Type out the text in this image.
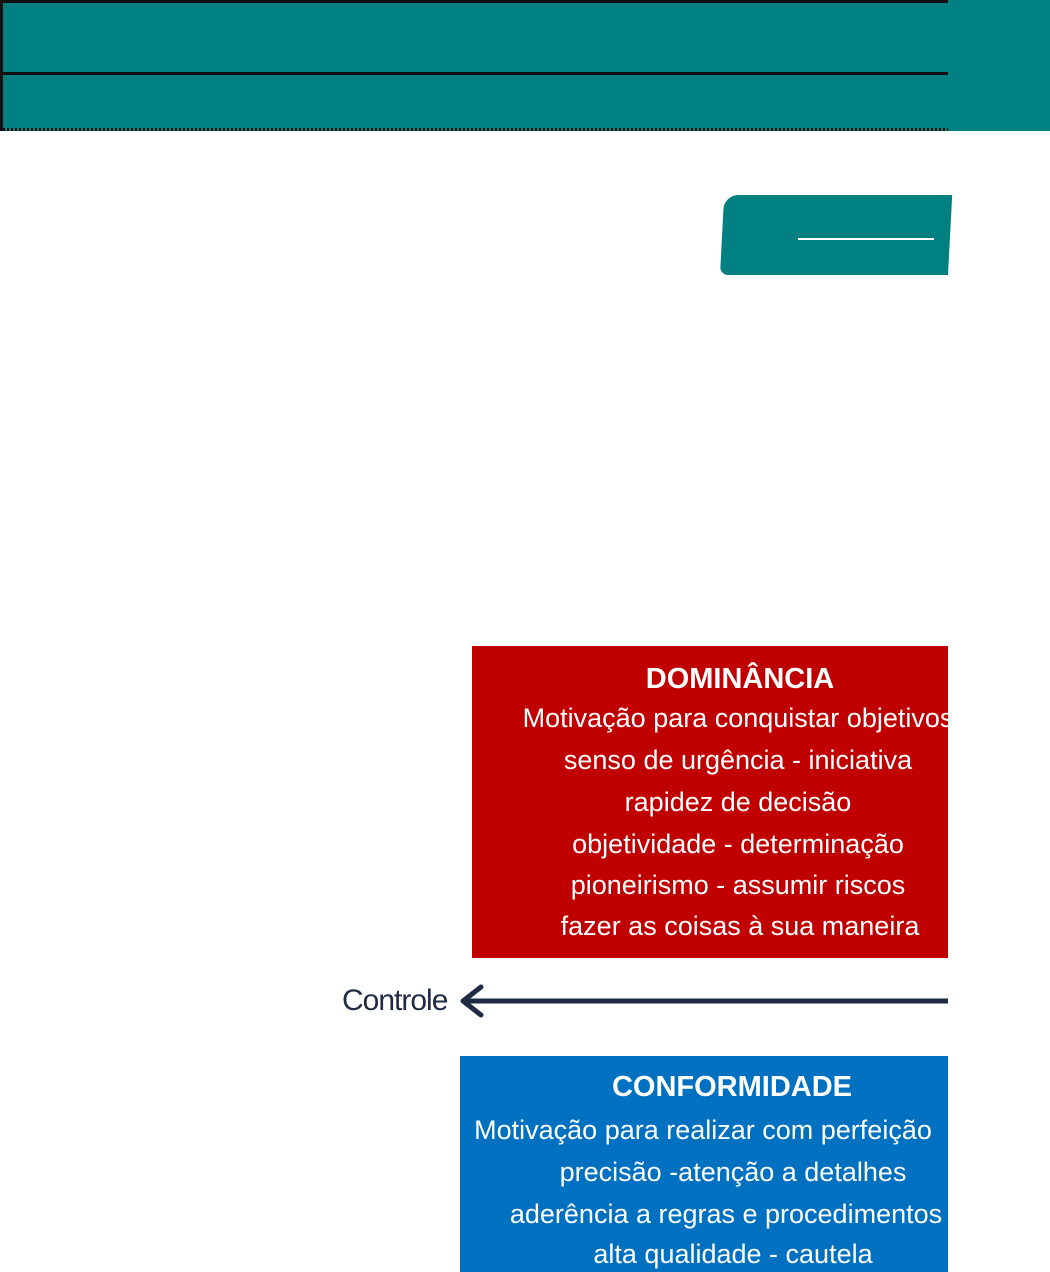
DOMINÂNCIA
Motivação para conquistar objetivos
senso de urgência - iniciativa
rapidez de decisão
objetividade - determinação
pioneirismo - assumir riscos
fazer as coisas à sua maneira
Controle
CONFORMIDADE
Motivação para realizar com perfeição
precisão -atenção a detalhes
aderência a regras e procedimentos
alta qualidade - cautela
